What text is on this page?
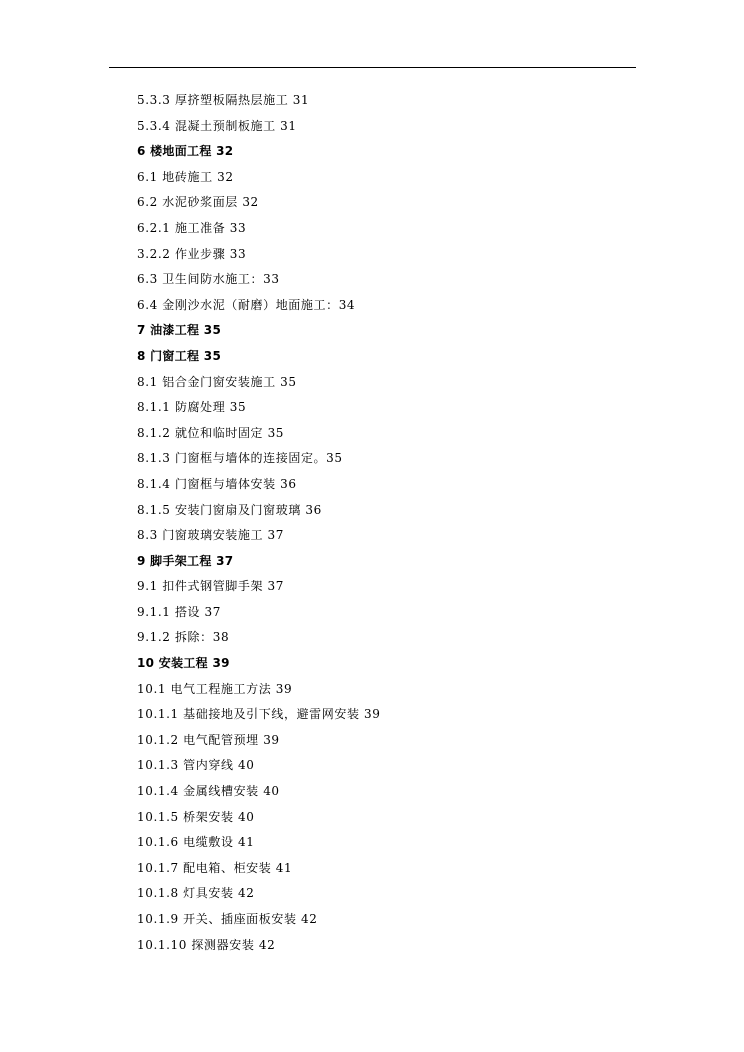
5.3.3 厚挤塑板隔热层施工 31
5.3.4 混凝土预制板施工 31
6 楼地面工程 32
6.1 地砖施工 32
6.2 水泥砂浆面层 32
6.2.1 施工准备 33
3.2.2 作业步骤 33
6.3 卫生间防水施工：33
6.4 金刚沙水泥（耐磨）地面施工：34
7 油漆工程 35
8 门窗工程 35
8.1 铝合金门窗安装施工 35
8.1.1 防腐处理 35
8.1.2 就位和临时固定 35
8.1.3 门窗框与墙体的连接固定。35
8.1.4 门窗框与墙体安装 36
8.1.5 安装门窗扇及门窗玻璃 36
8.3 门窗玻璃安装施工 37
9 脚手架工程 37
9.1 扣件式钢管脚手架 37
9.1.1 搭设 37
9.1.2 拆除：38
10 安装工程 39
10.1 电气工程施工方法 39
10.1.1 基础接地及引下线，避雷网安装 39
10.1.2 电气配管预埋 39
10.1.3 管内穿线 40
10.1.4 金属线槽安装 40
10.1.5 桥架安装 40
10.1.6 电缆敷设 41
10.1.7 配电箱、柜安装 41
10.1.8 灯具安装 42
10.1.9 开关、插座面板安装 42
10.1.10 探测器安装 42
